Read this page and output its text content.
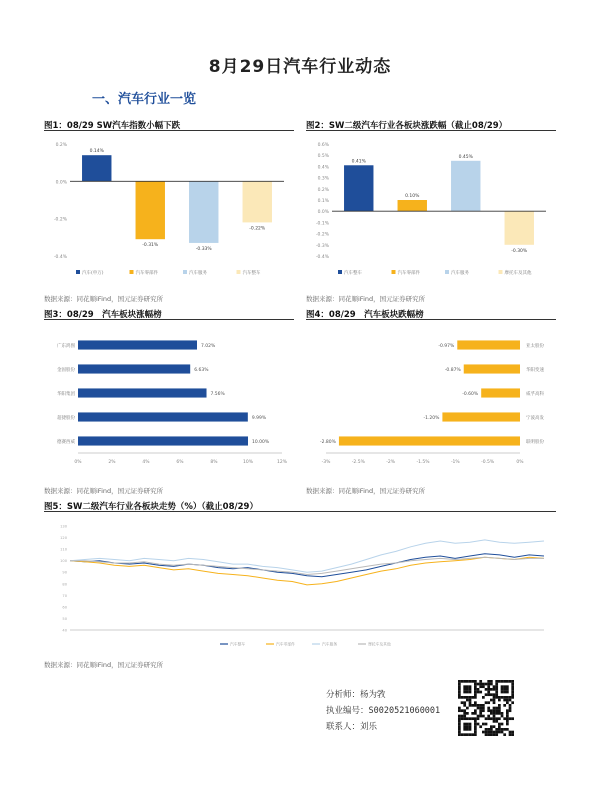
8月29日汽车行业动态
一、汽车行业一览
图1：08/29 SW汽车指数小幅下跌
0.2%
0.0%
-0.2%
-0.4%
0.14%
-0.31%
-0.33%
-0.22%
汽车(申万)	汽车零部件	汽车服务	汽车整车
数据来源：同花顺iFind，国元证券研究所
图2：SW二级汽车行业各板块涨跌幅（截止08/29）
0.6%
0.5%
0.4%
0.3%
0.2%
0.1%
0.0%
-0.1%
-0.2%
-0.3%
-0.4%
0.41%
0.10%
0.45%
-0.30%
汽车整车	汽车零部件	汽车服务	摩托车及其他
数据来源：同花顺iFind，国元证券研究所
图3：08/29　汽车板块涨幅榜
0%	2%	4%	6%	8%	10%	12%
广东鸿图	7.02%
金固股份	6.63%
华阳集团	7.56%
超捷股份	9.99%
德赛西威	10.00%
数据来源：同花顺iFind，国元证券研究所
图4：08/29　汽车板块跌幅榜
-3%	-2.5%	-2%	-1.5%	-1%	-0.5%	0%
-0.97%	亚太股份
-0.87%	华阳变速
-0.60%	威孚高科
-1.20%	宁波高发
-2.80%	联明股份
数据来源：同花顺iFind，国元证券研究所
图5：SW二级汽车行业各板块走势（%）（截止08/29）
130
120
110
100
90
80
70
60
50
40
汽车整车	汽车零部件	汽车服务	摩托车及其他
数据来源：同花顺iFind，国元证券研究所
分析师：杨为敩
执业编号：S0020521060001
联系人：刘乐
